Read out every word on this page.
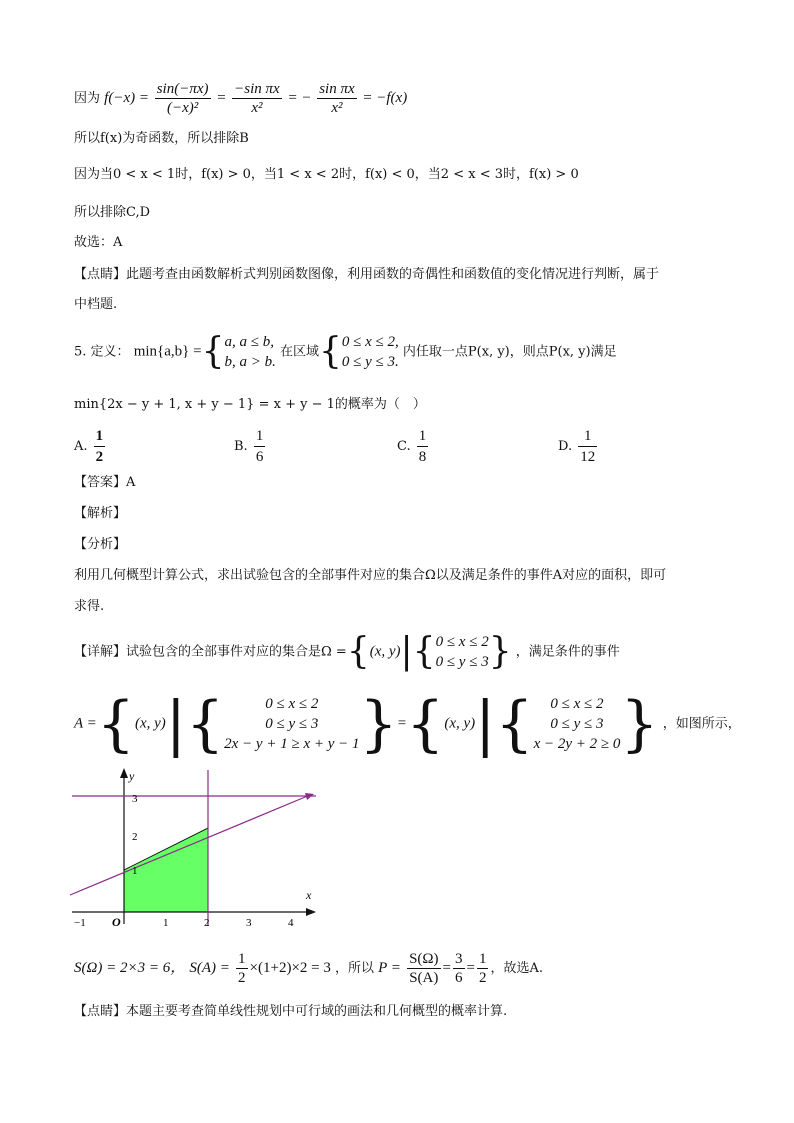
因为 $f(-x) = \frac{\sin(-\pi x)}{\text{(−x)²}} = \frac{\text{−sin πx}}{\text{x²}}$ = − $\frac{\text{sin πx}}{\text{x²}} = -f(x)$
所以f(x)为奇函数，所以排除B
因为当0 < x < 1时，f(x) > 0，当1 < x < 2时，f(x) < 0，当2 < x < 3时，f(x) > 0
所以排除C,D
故选：A
【点睛】此题考查由函数解析式判别函数图像，利用函数的奇偶性和函数值的变化情况进行判断，属于
中档题.
5. 定义： min{a,b} ={ a, a ≤ b,
b, a > b.
在区域{ 0 ≤ x ≤ 2,
0 ≤ y ≤ 3.
内任取一点P(x, y)，则点P(x, y)满足
min{2x − y + 1, x + y − 1} = x + y − 1的概率为（　）
A. $\frac{1}{2}$	B. $\frac{1}{6}$	C. $\frac{1}{8}$	D. $\frac{1}{12}$
【答案】A
【解析】
【分析】
利用几何概型计算公式，求出试验包含的全部事件对应的集合Ω以及满足条件的事件A对应的面积，即可
求得.
【详解】试验包含的全部事件对应的集合是Ω ={(x, y)|{ 0 ≤ x ≤ 2
0 ≤ y ≤ 3 } ，满足条件的事件
A ={(x, y)|{	0 ≤ x ≤ 2
0 ≤ y ≤ 3
2x − y + 1 ≥ x + y − 1 }={(x, y)|{	0 ≤ x ≤ 2
0 ≤ y ≤ 3
x − 2y + 2 ≥ 0 } ，如图所示，
x
y
O
−1	1	2	3	4
1
2
3
S(Ω) = 2×3 = 6， $S(A) = \frac{1}{2} \times(1+2)\times 2 = 3$ ，所以 $P = \frac{S(\Omega)}{S(A)} = \frac{3}{6} = \frac{1}{2}$ ，故选A.
【点睛】本题主要考查简单线性规划中可行域的画法和几何概型的概率计算.
